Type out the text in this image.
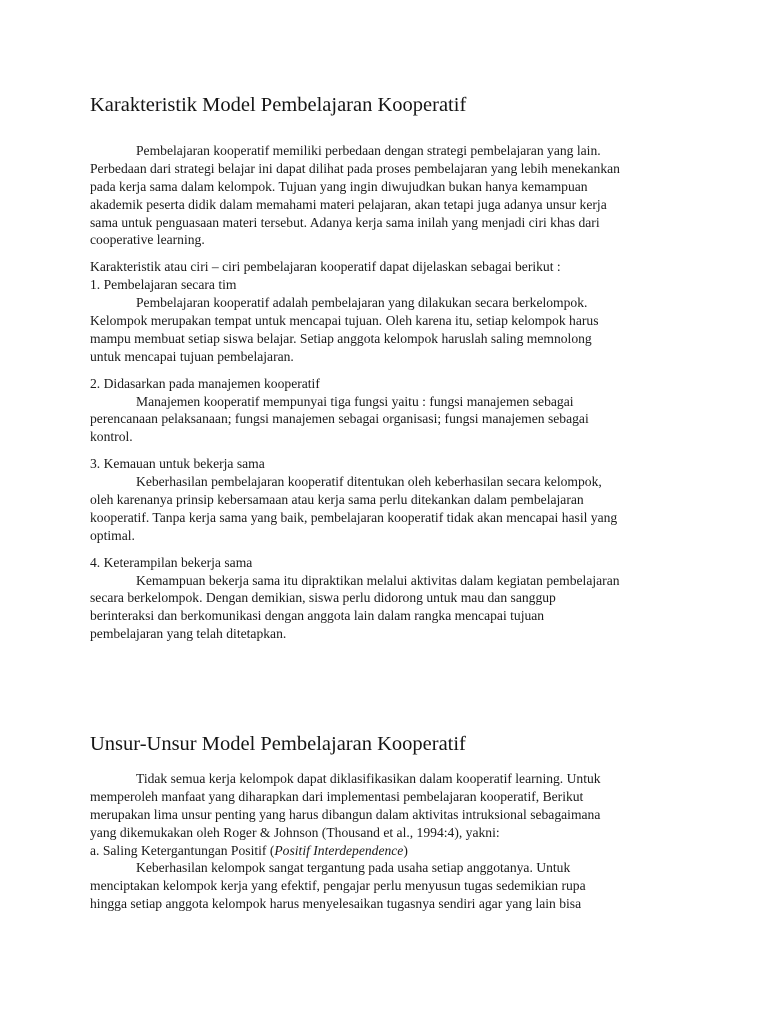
Karakteristik Model Pembelajaran Kooperatif
Pembelajaran kooperatif memiliki perbedaan dengan strategi pembelajaran yang lain.
Perbedaan dari strategi belajar ini dapat dilihat pada proses pembelajaran yang lebih menekankan
pada kerja sama dalam kelompok. Tujuan yang ingin diwujudkan bukan hanya kemampuan
akademik peserta didik dalam memahami materi pelajaran, akan tetapi juga adanya unsur kerja
sama untuk penguasaan materi tersebut. Adanya kerja sama inilah yang menjadi ciri khas dari
cooperative learning.
Karakteristik atau ciri – ciri pembelajaran kooperatif dapat dijelaskan sebagai berikut :
1. Pembelajaran secara tim
Pembelajaran kooperatif adalah pembelajaran yang dilakukan secara berkelompok.
Kelompok merupakan tempat untuk mencapai tujuan. Oleh karena itu, setiap kelompok harus
mampu membuat setiap siswa belajar. Setiap anggota kelompok haruslah saling memnolong
untuk mencapai tujuan pembelajaran.
2. Didasarkan pada manajemen kooperatif
Manajemen kooperatif mempunyai tiga fungsi yaitu : fungsi manajemen sebagai
perencanaan pelaksanaan; fungsi manajemen sebagai organisasi; fungsi manajemen sebagai
kontrol.
3. Kemauan untuk bekerja sama
Keberhasilan pembelajaran kooperatif ditentukan oleh keberhasilan secara kelompok,
oleh karenanya prinsip kebersamaan atau kerja sama perlu ditekankan dalam pembelajaran
kooperatif. Tanpa kerja sama yang baik, pembelajaran kooperatif tidak akan mencapai hasil yang
optimal.
4. Keterampilan bekerja sama
Kemampuan bekerja sama itu dipraktikan melalui aktivitas dalam kegiatan pembelajaran
secara berkelompok. Dengan demikian, siswa perlu didorong untuk mau dan sanggup
berinteraksi dan berkomunikasi dengan anggota lain dalam rangka mencapai tujuan
pembelajaran yang telah ditetapkan.
Unsur-Unsur Model Pembelajaran Kooperatif
Tidak semua kerja kelompok dapat diklasifikasikan dalam kooperatif learning. Untuk
memperoleh manfaat yang diharapkan dari implementasi pembelajaran kooperatif, Berikut
merupakan lima unsur penting yang harus dibangun dalam aktivitas intruksional sebagaimana
yang dikemukakan oleh Roger & Johnson (Thousand et al., 1994:4), yakni:
a. Saling Ketergantungan Positif (Positif Interdependence)
Keberhasilan kelompok sangat tergantung pada usaha setiap anggotanya. Untuk
menciptakan kelompok kerja yang efektif, pengajar perlu menyusun tugas sedemikian rupa
hingga setiap anggota kelompok harus menyelesaikan tugasnya sendiri agar yang lain bisa
